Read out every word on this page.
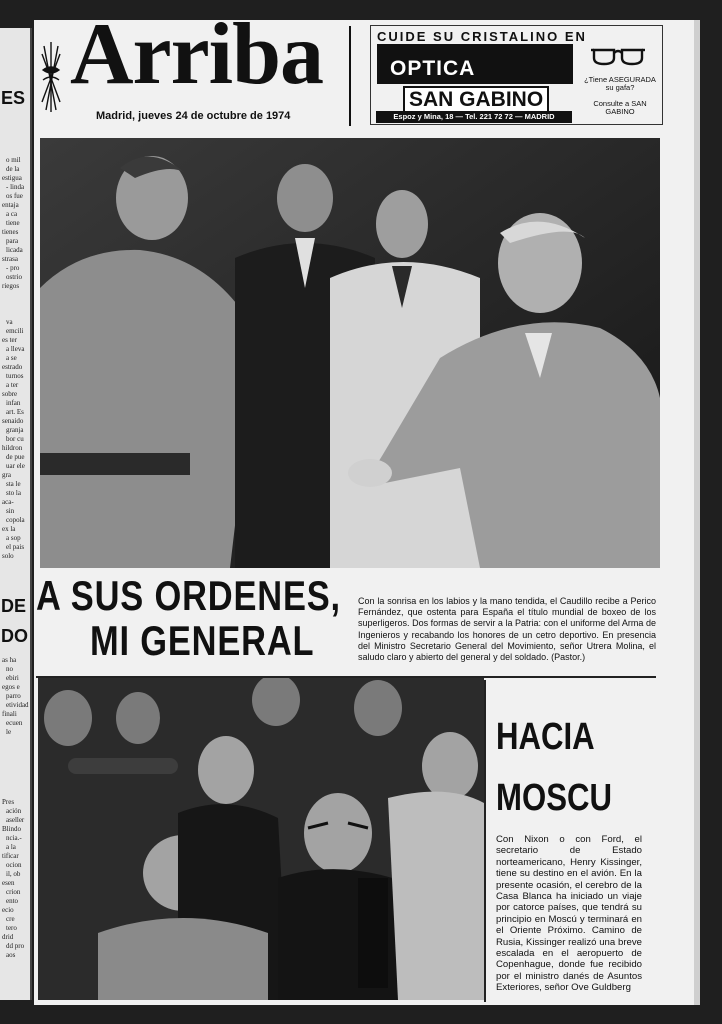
ES
o mil
de la
estigua
- linda
os fue
entaja
a ca
tiene
tienes
para
licada
strasa
- pro
ostrio
riegos
va
emcili
es ter
a lleva
a se
estrado
turnos
a ter
sobre
infan
art. Es
senaido
granja
bor cu
hildron
de pue
uar ele
gra
sta le
sto la
aca-
sin
copola
ex la
a sop
el pais
solo
DE
DO
as ha
no
ebiri
egos e
parro
etividad
finali
ecuen
le
Pres
ación
aseller
Blindo
ncia.-
a la
tificar
ocion
il, ob
esen
crion
ento
ecio
cre
tero
drid
dd pro
aos
Arriba
Madrid, jueves 24 de octubre de 1974
CUIDE SU CRISTALINO EN
OPTICA
SAN GABINO
Espoz y Mina, 18 — Tel. 221 72 72 — MADRID
¿Tiene ASEGURADA su gafa?
Consulte a SAN GABINO
A SUS ORDENES,
MI GENERAL
Con la sonrisa en los labios y la mano tendida, el Caudillo recibe a Perico Fernández, que ostenta para España el título mundial de boxeo de los superligeros. Dos formas de servir a la Patria: con el uniforme del Arma de Ingenieros y recabando los honores de un cetro deportivo. En presencia del Ministro Secretario General del Movimiento, señor Utrera Molina, el saludo claro y abierto del general y del soldado. (Pastor.)
HACIA
MOSCU
Con Nixon o con Ford, el secretario de Estado norteamericano, Henry Kissinger, tiene su destino en el avión. En la presente ocasión, el cerebro de la Casa Blanca ha iniciado un viaje por catorce países, que tendrá su principio en Moscú y terminará en el Oriente Próximo. Camino de Rusia, Kissinger realizó una breve escalada en el aeropuerto de Copenhague, donde fue recibido por el ministro danés de Asuntos Exteriores, señor Ove Guldberg
